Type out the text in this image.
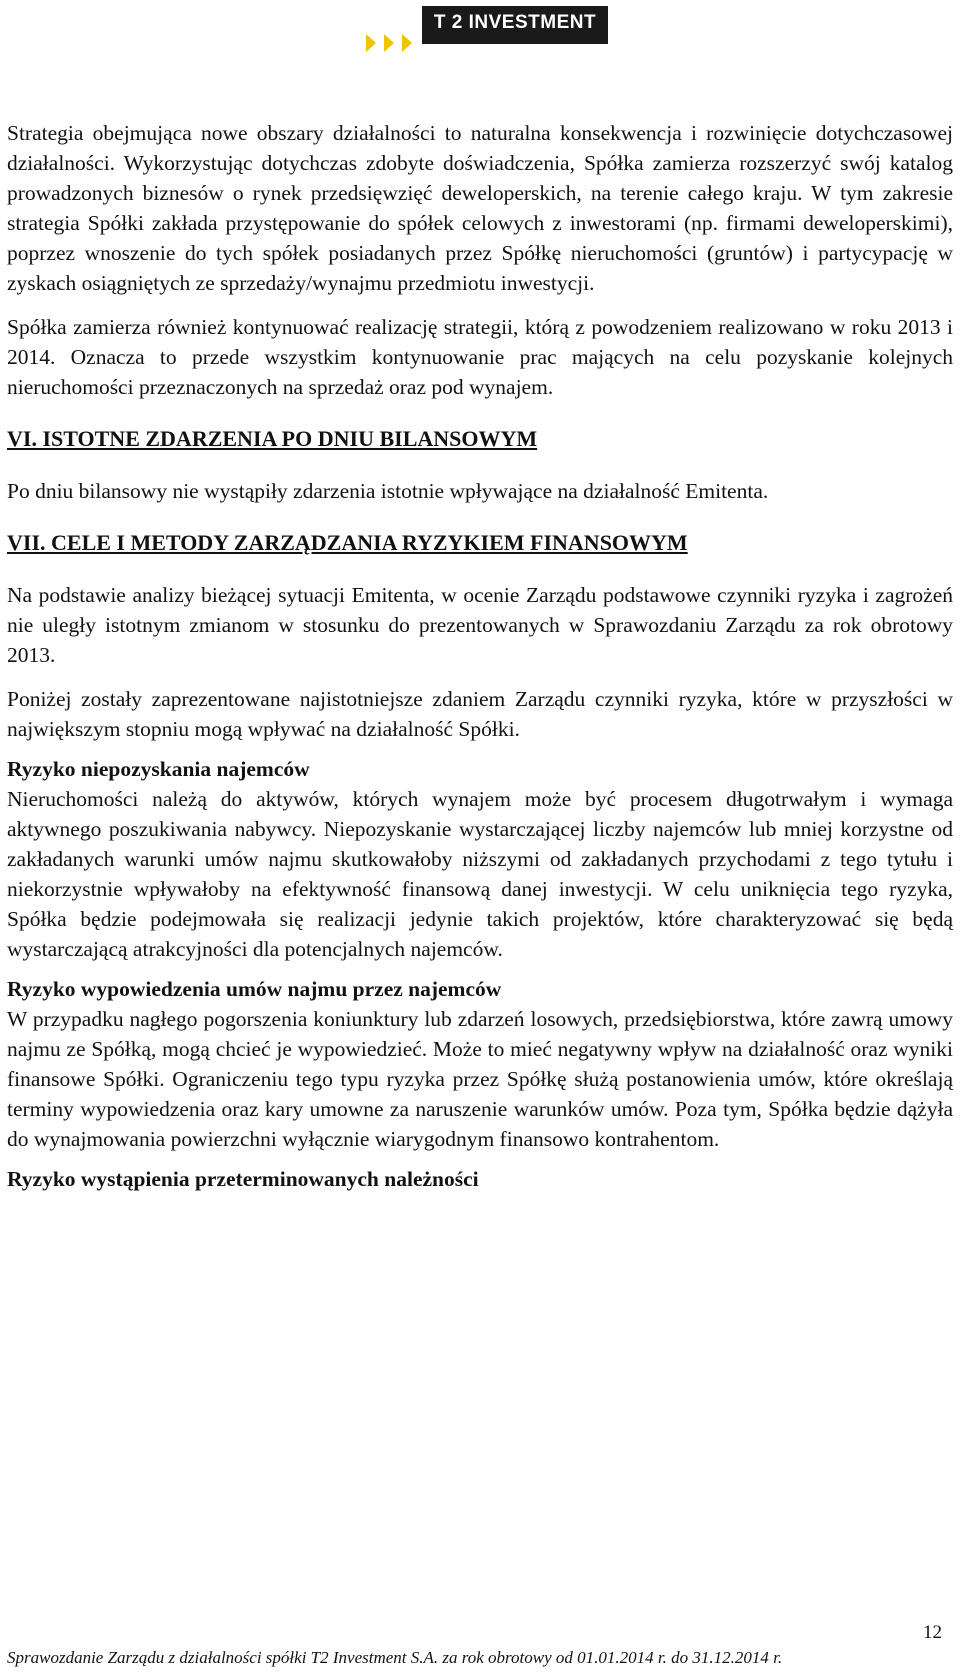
T 2 INVESTMENT

Strategia obejmująca nowe obszary działalności to naturalna konsekwencja i rozwinięcie dotychczasowej działalności. Wykorzystując dotychczas zdobyte doświadczenia, Spółka zamierza rozszerzyć swój katalog prowadzonych biznesów o rynek przedsięwzięć deweloperskich, na terenie całego kraju. W tym zakresie strategia Spółki zakłada przystępowanie do spółek celowych z inwestorami (np. firmami deweloperskimi), poprzez wnoszenie do tych spółek posiadanych przez Spółkę nieruchomości (gruntów) i partycypację w zyskach osiągniętych ze sprzedaży/wynajmu przedmiotu inwestycji.

Spółka zamierza również kontynuować realizację strategii, którą z powodzeniem realizowano w roku 2013 i 2014. Oznacza to przede wszystkim kontynuowanie prac mających na celu pozyskanie kolejnych nieruchomości przeznaczonych na sprzedaż oraz pod wynajem.

VI. ISTOTNE ZDARZENIA PO DNIU BILANSOWYM

Po dniu bilansowy nie wystąpiły zdarzenia istotnie wpływające na działalność Emitenta.

VII. CELE I METODY ZARZĄDZANIA RYZYKIEM FINANSOWYM

Na podstawie analizy bieżącej sytuacji Emitenta, w ocenie Zarządu podstawowe czynniki ryzyka i zagrożeń nie uległy istotnym zmianom w stosunku do prezentowanych w Sprawozdaniu Zarządu za rok obrotowy 2013.

Poniżej zostały zaprezentowane najistotniejsze zdaniem Zarządu czynniki ryzyka, które w przyszłości w największym stopniu mogą wpływać na działalność Spółki.

Ryzyko niepozyskania najemców

Nieruchomości należą do aktywów, których wynajem może być procesem długotrwałym i wymaga aktywnego poszukiwania nabywcy. Niepozyskanie wystarczającej liczby najemców lub mniej korzystne od zakładanych warunki umów najmu skutkowałoby niższymi od zakładanych przychodami z tego tytułu i niekorzystnie wpływałoby na efektywność finansową danej inwestycji. W celu uniknięcia tego ryzyka, Spółka będzie podejmowała się realizacji jedynie takich projektów, które charakteryzować się będą wystarczającą atrakcyjności dla potencjalnych najemców.

Ryzyko wypowiedzenia umów najmu przez najemców

W przypadku nagłego pogorszenia koniunktury lub zdarzeń losowych, przedsiębiorstwa, które zawrą umowy najmu ze Spółką, mogą chcieć je wypowiedzieć. Może to mieć negatywny wpływ na działalność oraz wyniki finansowe Spółki. Ograniczeniu tego typu ryzyka przez Spółkę służą postanowienia umów, które określają terminy wypowiedzenia oraz kary umowne za naruszenie warunków umów. Poza tym, Spółka będzie dążyła do wynajmowania powierzchni wyłącznie wiarygodnym finansowo kontrahentom.

Ryzyko wystąpienia przeterminowanych należności
12
Sprawozdanie Zarządu z działalności spółki T2 Investment S.A. za rok obrotowy od 01.01.2014 r. do 31.12.2014 r.
